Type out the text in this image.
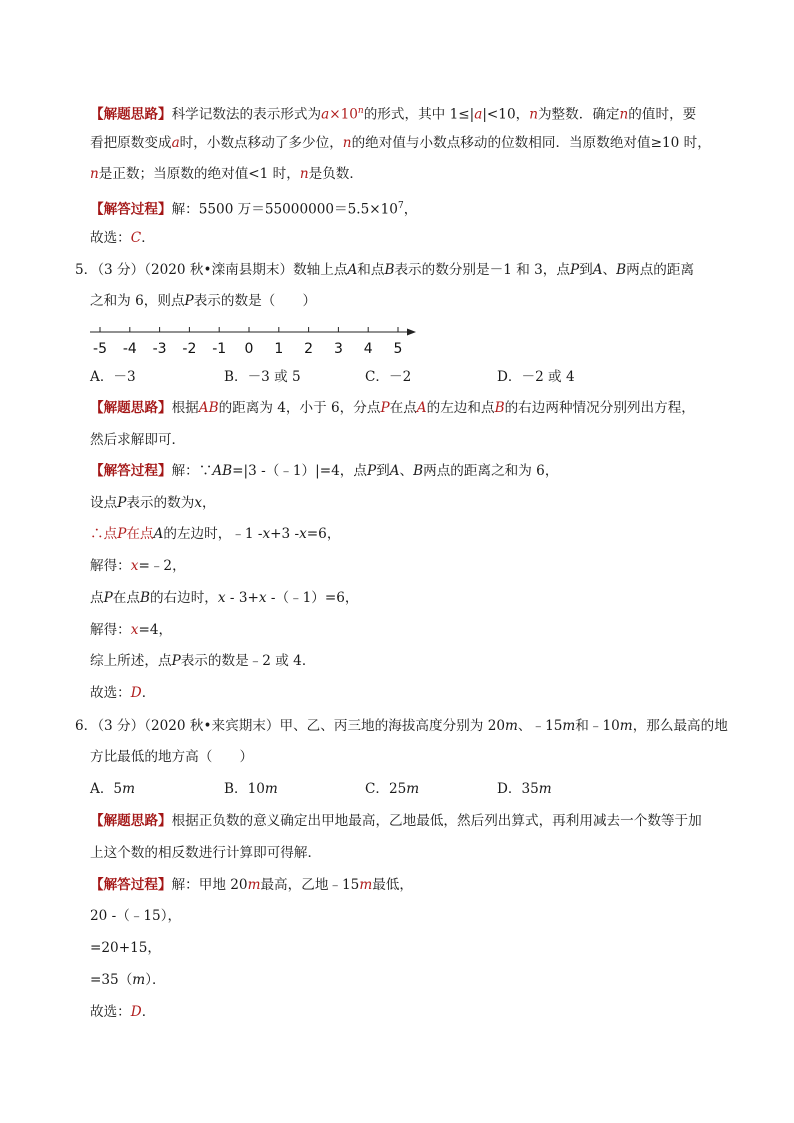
【解题思路】科学记数法的表示形式为$a\times 10^n$的形式，其中 1≤|a|<10，n为整数．确定n的值时，要
看把原数变成a时，小数点移动了多少位，n的绝对值与小数点移动的位数相同．当原数绝对值≥10 时，
n是正数；当原数的绝对值<1 时，n是负数．
【解答过程】解：5500 万$=55000000=5.5\times 10^7$，
故选：C．
5．（3 分）（2020 秋•滦南县期末）数轴上点A和点B表示的数分别是－1 和 3，点P到A、B两点的距离
之和为 6，则点P表示的数是（　　）
-5 -4 -3 -2 -1 0 1 2 3 4 5
A．－3	B．－3 或 5	C．－2	D．－2 或 4
【解题思路】根据AB的距离为 4，小于 6，分点P在点A的左边和点B的右边两种情况分别列出方程，
然后求解即可．
【解答过程】解：∵AB=|3 -（﹣1）|=4，点P到A、B两点的距离之和为 6，
设点P表示的数为x，
∴点P在点A的左边时，﹣1 -x+3 -x=6，
解得：x=﹣2，
点P在点B的右边时，x - 3+x -（﹣1）=6，
解得：x=4，
综上所述，点P表示的数是﹣2 或 4．
故选：D．
6．（3 分）（2020 秋•来宾期末）甲、乙、丙三地的海拔高度分别为 20m、﹣15m和﹣10m，那么最高的地
方比最低的地方高（　　）
A．5m	B．10m	C．25m	D．35m
【解题思路】根据正负数的意义确定出甲地最高，乙地最低，然后列出算式，再利用减去一个数等于加
上这个数的相反数进行计算即可得解．
【解答过程】解：甲地 20m最高，乙地﹣15m最低，
20 -（﹣15），
=20+15，
=35（m）．
故选：D．
